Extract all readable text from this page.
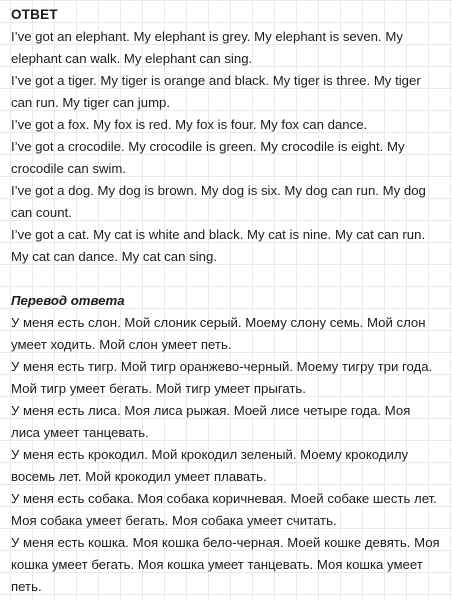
ОТВЕТ

I’ve got an elephant. My elephant is grey. My elephant is seven. My elephant can walk. My elephant can sing.

I’ve got a tiger. My tiger is orange and black. My tiger is three. My tiger can run. My tiger can jump.

I’ve got a fox. My fox is red. My fox is four. My fox can dance.

I’ve got a crocodile. My crocodile is green. My crocodile is eight. My crocodile can swim.

I’ve got a dog. My dog is brown. My dog is six. My dog can run. My dog can count.

I’ve got a cat. My cat is white and black. My cat is nine. My cat can run. My cat can dance. My cat can sing.

Перевод ответа

У меня есть слон. Мой слоник серый. Моему слону семь. Мой слон умеет ходить. Мой слон умеет петь.

У меня есть тигр. Мой тигр оранжево-черный. Моему тигру три года. Мой тигр умеет бегать. Мой тигр умеет прыгать.

У меня есть лиса. Моя лиса рыжая. Моей лисе четыре года. Моя лиса умеет танцевать.

У меня есть крокодил. Мой крокодил зеленый. Моему крокодилу восемь лет. Мой крокодил умеет плавать.

У меня есть собака. Моя собака коричневая. Моей собаке шесть лет. Моя собака умеет бегать. Моя собака умеет считать.

У меня есть кошка. Моя кошка бело-черная. Моей кошке девять. Моя кошка умеет бегать. Моя кошка умеет танцевать. Моя кошка умеет петь.
